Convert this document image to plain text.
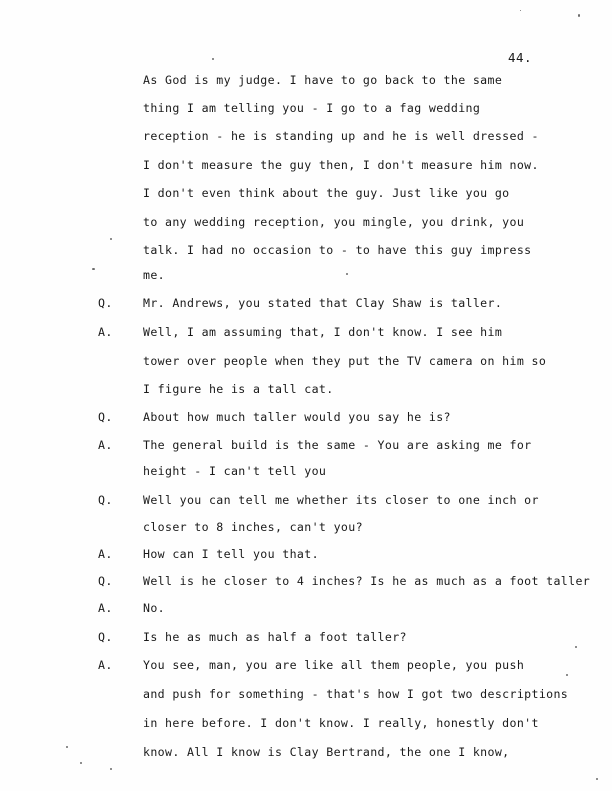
44.
As God is my judge. I have to go back to the same
thing I am telling you - I go to a fag wedding
reception - he is standing up and he is well dressed -
I don't measure the guy then, I don't measure him now.
I don't even think about the guy. Just like you go
to any wedding reception, you mingle, you drink, you
talk. I had no occasion to - to have this guy impress
me.
Q.	Mr. Andrews, you stated that Clay Shaw is taller.
A.	Well, I am assuming that, I don't know. I see him
tower over people when they put the TV camera on him so
I figure he is a tall cat.
Q.	About how much taller would you say he is?
A.	The general build is the same - You are asking me for
height - I can't tell you
Q.	Well you can tell me whether its closer to one inch or
closer to 8 inches, can't you?
A.	How can I tell you that.
Q.	Well is he closer to 4 inches? Is he as much as a foot taller
A.	No.
Q.	Is he as much as half a foot taller?
A.	You see, man, you are like all them people, you push
and push for something - that's how I got two descriptions
in here before. I don't know. I really, honestly don't
know. All I know is Clay Bertrand, the one I know,
